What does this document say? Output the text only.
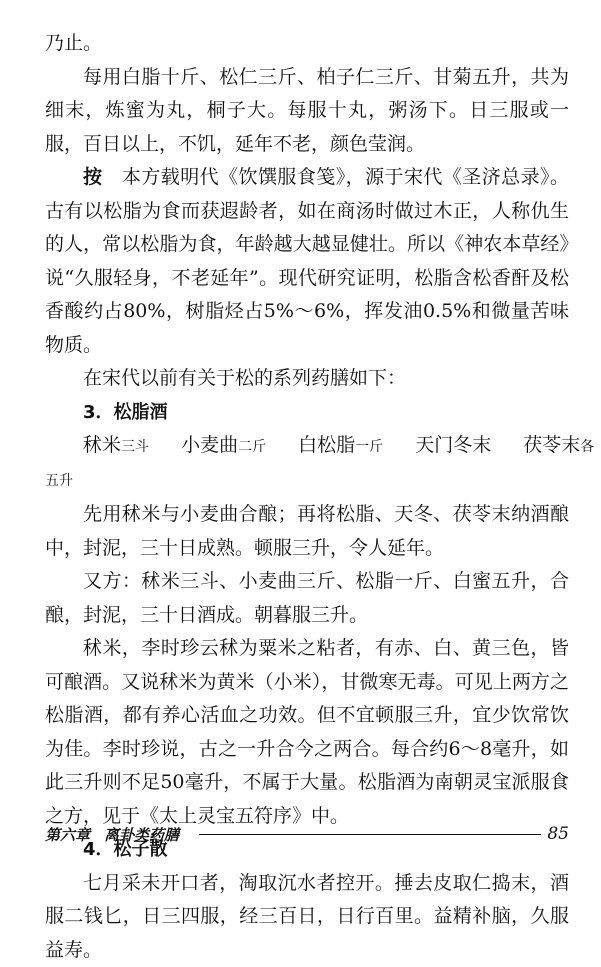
乃止。

每用白脂十斤、松仁三斤、柏子仁三斤、甘菊五升，共为细末，炼蜜为丸，桐子大。每服十丸，粥汤下。日三服或一服，百日以上，不饥，延年不老，颜色莹润。

按　 本方载明代《饮馔服食笺》，源于宋代《圣济总录》。古有以松脂为食而获遐龄者，如在商汤时做过木正，人称仇生的人，常以松脂为食，年龄越大越显健壮。所以《神农本草经》说“久服轻身，不老延年”。现代研究证明，松脂含松香酐及松香酸约占80%，树脂烃占5%～6%，挥发油0.5%和微量苦味物质。

在宋代以前有关于松的系列药膳如下：

3．松脂酒

秫米三斗 小麦曲二斤 白松脂一斤 天门冬末 茯苓末各

五升

先用秫米与小麦曲合酿；再将松脂、天冬、茯苓末纳酒酿中，封泥，三十日成熟。顿服三升，令人延年。

又方：秫米三斗、小麦曲三斤、松脂一斤、白蜜五升，合酿，封泥，三十日酒成。朝暮服三升。

秫米，李时珍云秫为粟米之粘者，有赤、白、黄三色，皆可酿酒。又说秫米为黄米（小米），甘微寒无毒。可见上两方之松脂酒，都有养心活血之功效。但不宜顿服三升，宜少饮常饮为佳。李时珍说，古之一升合今之两合。每合约6～8毫升，如此三升则不足50毫升，不属于大量。松脂酒为南朝灵宝派服食之方，见于《太上灵宝五符序》中。

4．松子散

七月采未开口者，淘取沉水者控开。捶去皮取仁捣末，酒服二钱匕，日三四服，经三百日，日行百里。益精补脑，久服益寿。

第六章 离卦类药膳	85
